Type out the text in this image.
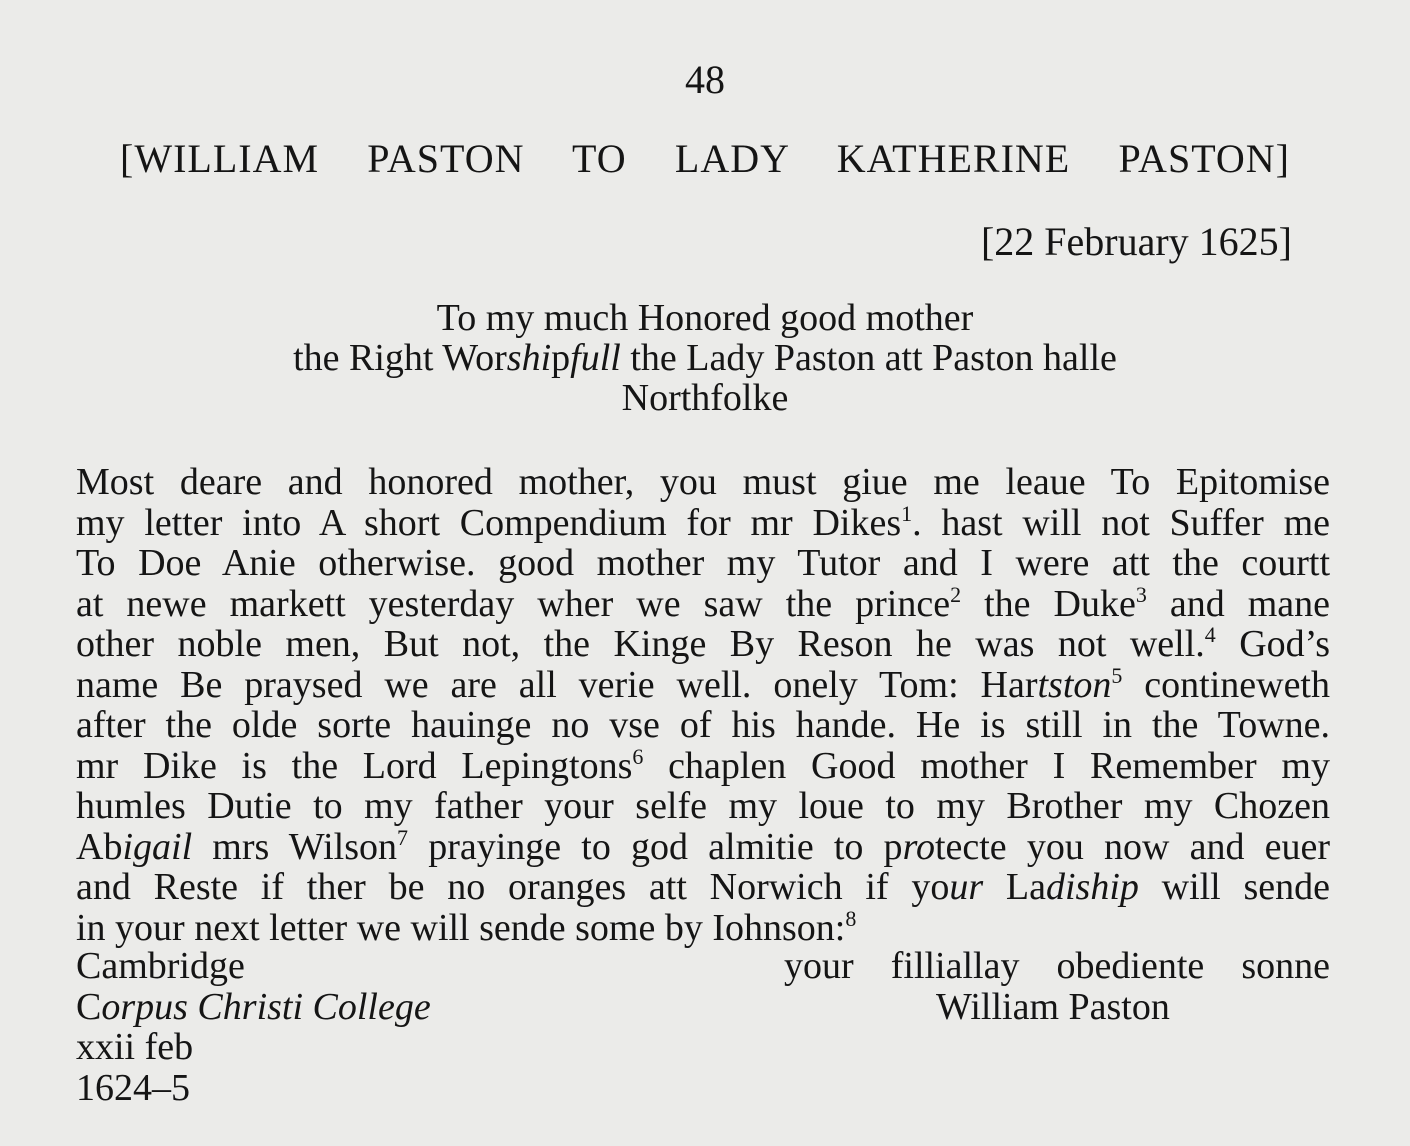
48
[WILLIAM PASTON TO LADY KATHERINE PASTON]
[22 February 1625]
To my much Honored good mother
the Right Worshipfull the Lady Paston att Paston halle
Northfolke
Most deare and honored mother, you must giue me leaue To Epitomise
my letter into A short Compendium for mr Dikes$^1$. hast will not Suffer me
To Doe Anie otherwise. good mother my Tutor and I were att the courtt
at newe markett yesterday wher we saw the prince$^2$ the Duke$^3$ and mane
other noble men, But not, the Kinge By Reson he was not well.$^4$ God’s
name Be praysed we are all verie well. onely Tom: Hartston$^5$ contineweth
after the olde sorte hauinge no vse of his hande. He is still in the Towne.
mr Dike is the Lord Lepingtons$^6$ chaplen Good mother I Remember my
humles Dutie to my father your selfe my loue to my Brother my Chozen
Abigail mrs Wilson$^7$ prayinge to god almitie to protecte you now and euer
and Reste if ther be no oranges att Norwich if your Ladiship will sende
in your next letter we will sende some by Iohnson:$^8$
Cambridge	your filliallay obediente sonne
Corpus Christi College	William Paston
xxii feb
1624–5
